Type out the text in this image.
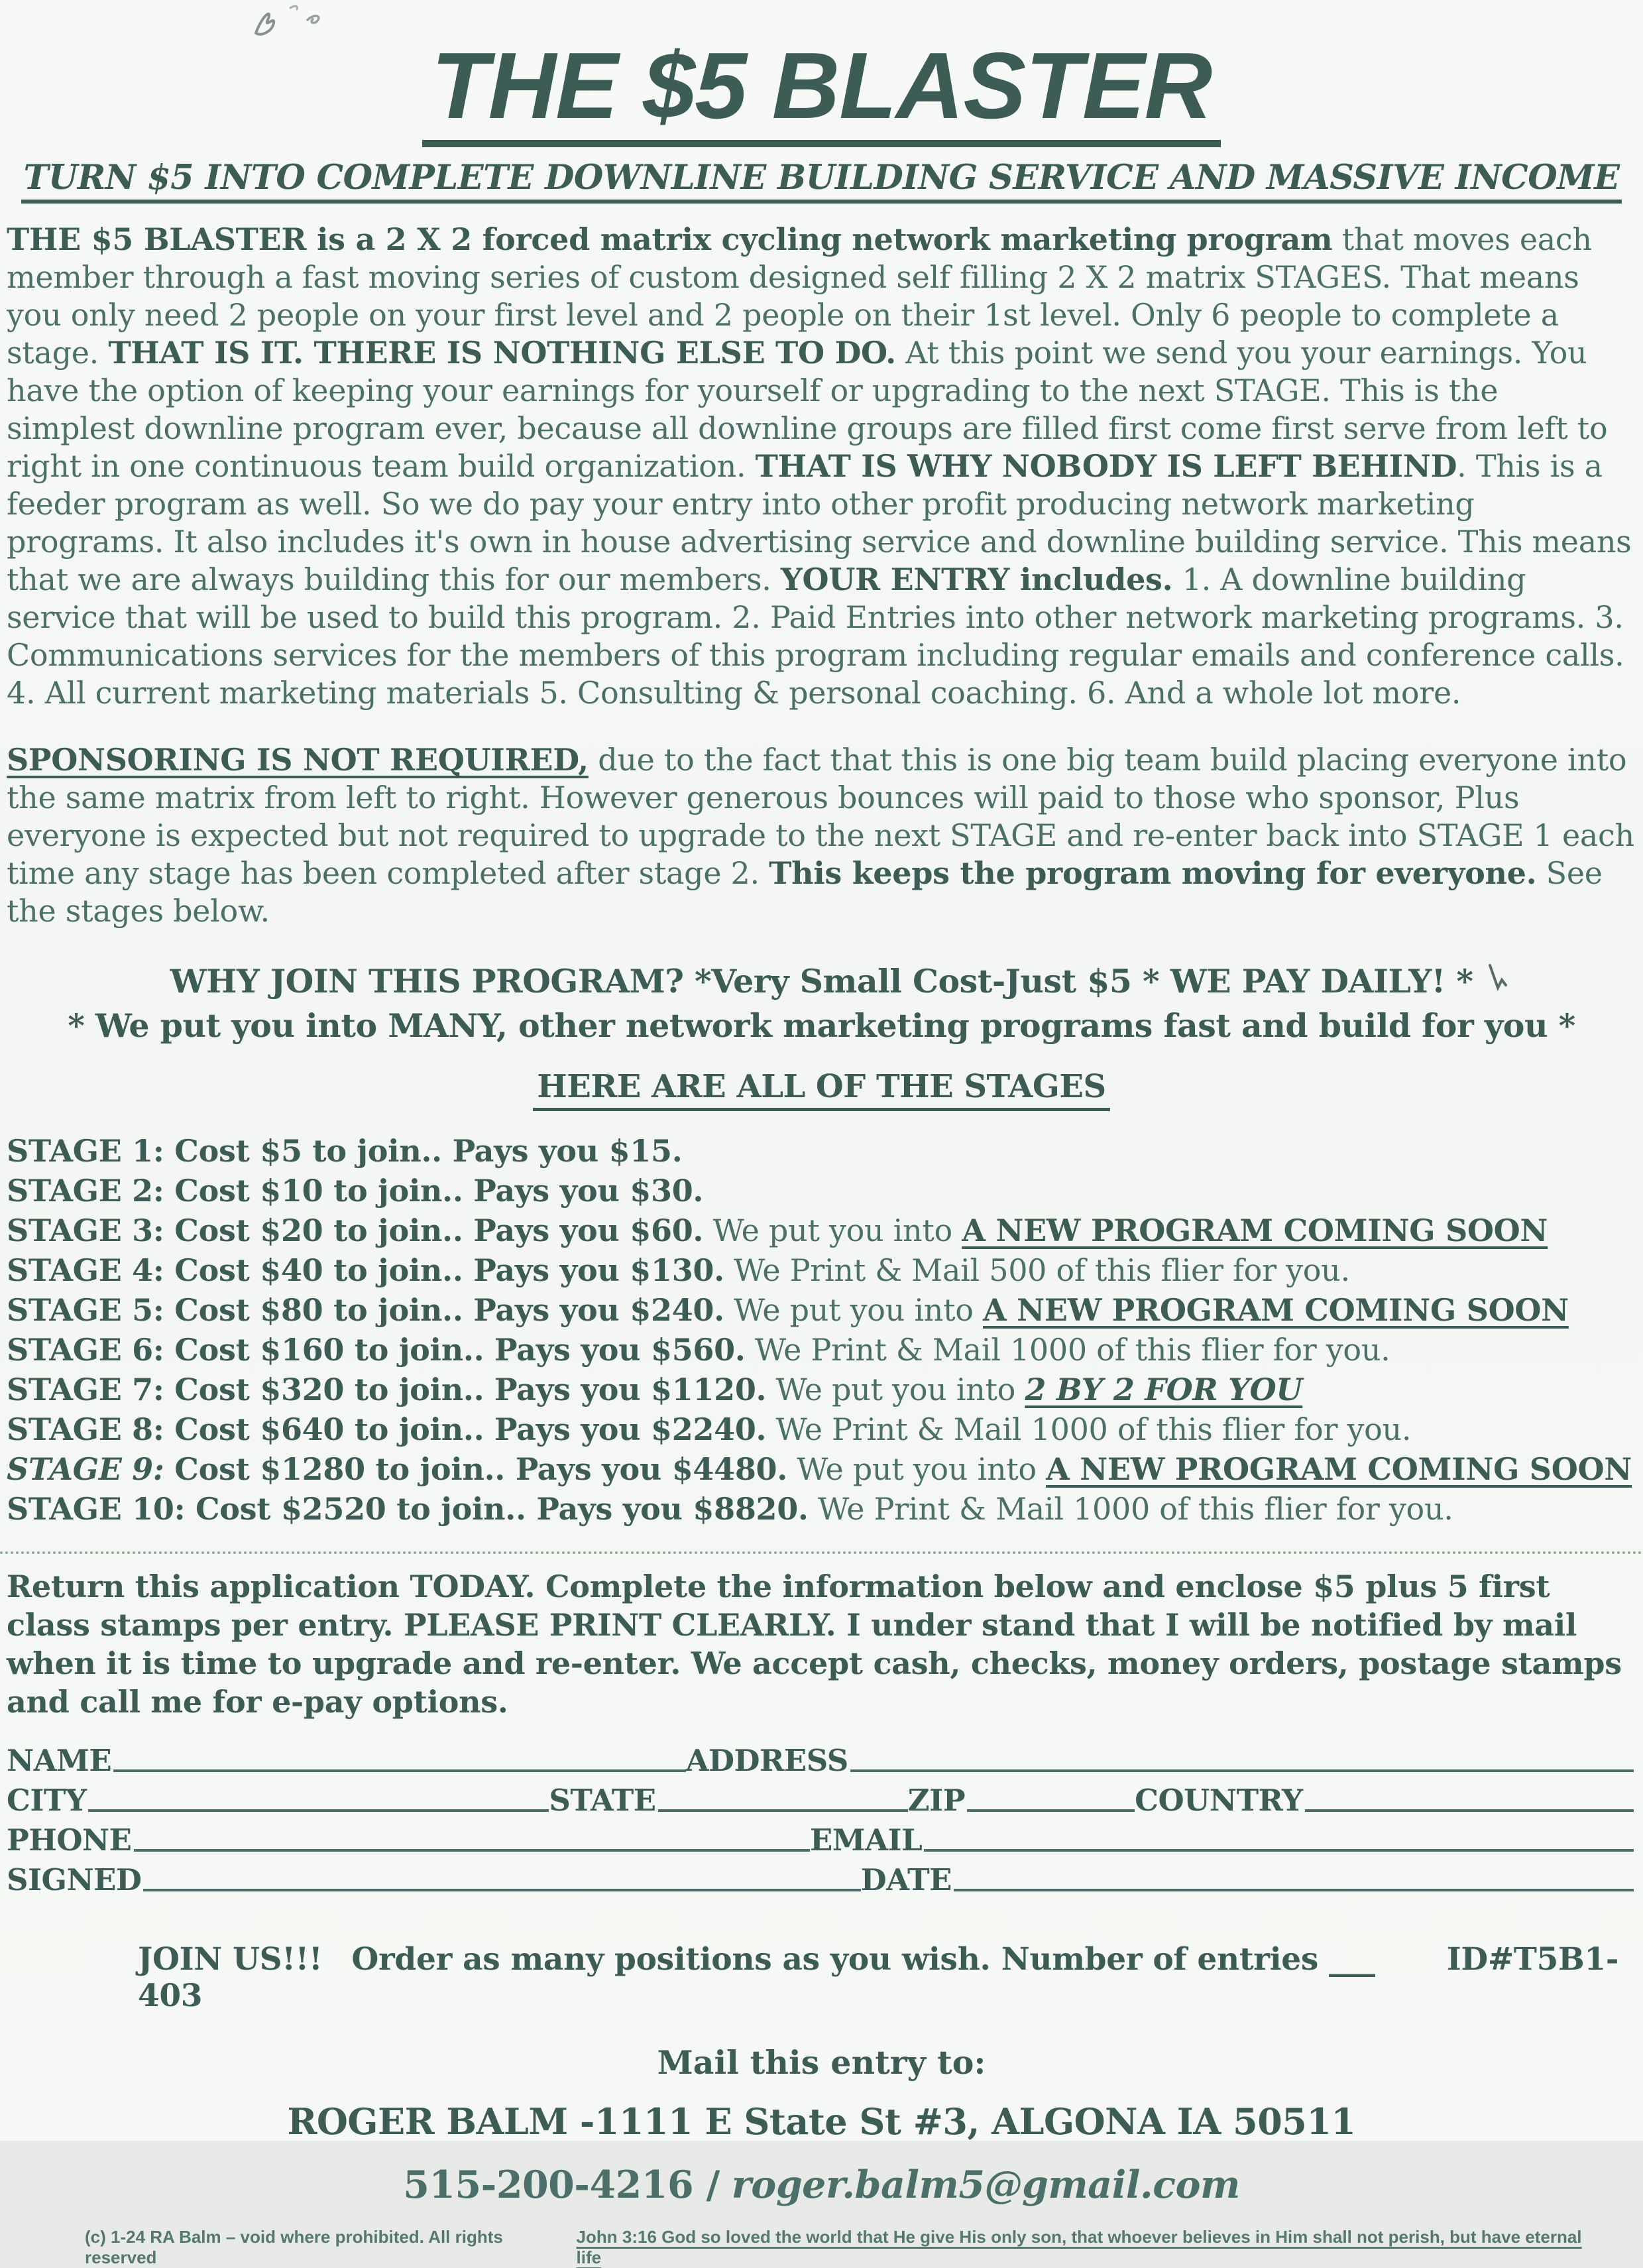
THE $5 BLASTER
TURN $5 INTO COMPLETE DOWNLINE BUILDING SERVICE AND MASSIVE INCOME

THE $5 BLASTER is a 2 X 2 forced matrix cycling network marketing program that moves each member through a fast moving series of custom designed self filling 2 X 2 matrix STAGES. That means you only need 2 people on your first level and 2 people on their 1st level. Only 6 people to complete a stage. THAT IS IT. THERE IS NOTHING ELSE TO DO. At this point we send you your earnings. You have the option of keeping your earnings for yourself or upgrading to the next STAGE. This is the simplest downline program ever, because all downline groups are filled first come first serve from left to right in one continuous team build organization. THAT IS WHY NOBODY IS LEFT BEHIND. This is a feeder program as well. So we do pay your entry into other profit producing network marketing programs. It also includes it's own in house advertising service and downline building service. This means that we are always building this for our members. YOUR ENTRY includes. 1. A downline building service that will be used to build this program. 2. Paid Entries into other network marketing programs. 3. Communications services for the members of this program including regular emails and conference calls. 4. All current marketing materials 5. Consulting & personal coaching. 6. And a whole lot more.

SPONSORING IS NOT REQUIRED, due to the fact that this is one big team build placing everyone into the same matrix from left to right. However generous bounces will paid to those who sponsor, Plus everyone is expected but not required to upgrade to the next STAGE and re-enter back into STAGE 1 each time any stage has been completed after stage 2. This keeps the program moving for everyone. See the stages below.

WHY JOIN THIS PROGRAM? *Very Small Cost-Just $5 * WE PAY DAILY! *
* We put you into MANY, other network marketing programs fast and build for you *
HERE ARE ALL OF THE STAGES
STAGE 1: Cost $5 to join.. Pays you $15.
STAGE 2: Cost $10 to join.. Pays you $30.
STAGE 3: Cost $20 to join.. Pays you $60. We put you into A NEW PROGRAM COMING SOON
STAGE 4: Cost $40 to join.. Pays you $130. We Print & Mail 500 of this flier for you.
STAGE 5: Cost $80 to join.. Pays you $240. We put you into A NEW PROGRAM COMING SOON
STAGE 6: Cost $160 to join.. Pays you $560. We Print & Mail 1000 of this flier for you.
STAGE 7: Cost $320 to join.. Pays you $1120. We put you into 2 BY 2 FOR YOU
STAGE 8: Cost $640 to join.. Pays you $2240. We Print & Mail 1000 of this flier for you.
STAGE 9: Cost $1280 to join.. Pays you $4480. We put you into A NEW PROGRAM COMING SOON
STAGE 10: Cost $2520 to join.. Pays you $8820. We Print & Mail 1000 of this flier for you.

Return this application TODAY. Complete the information below and enclose $5 plus 5 first class stamps per entry. PLEASE PRINT CLEARLY. I under stand that I will be notified by mail when it is time to upgrade and re-enter. We accept cash, checks, money orders, postage stamps and call me for e-pay options.

NAME	ADDRESS
CITY	STATE	ZIP	COUNTRY
PHONE	EMAIL
SIGNED	DATE
JOIN US!!! Order as many positions as you wish. Number of entries ___ ID#T5B1-403
Mail this entry to:
ROGER BALM -1111 E State St #3, ALGONA IA 50511
515-200-4216 / roger.balm5@gmail.com
(c) 1-24 RA Balm – void where prohibited. All rights reserved
John 3:16 God so loved the world that He give His only son, that whoever believes in Him shall not perish, but have eternal life
